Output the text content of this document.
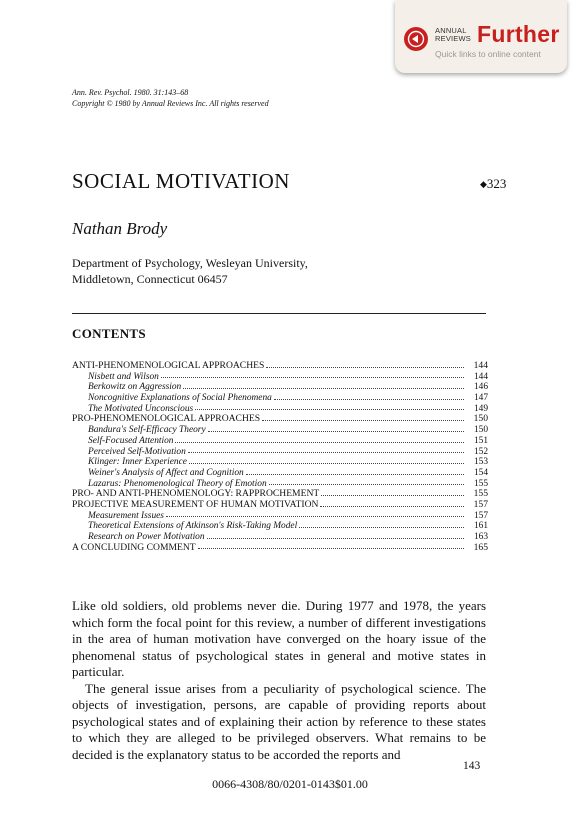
ANNUAL
REVIEWS Further
Quick links to online content
Ann. Rev. Psychol. 1980. 31:143–68
Copyright © 1980 by Annual Reviews Inc. All rights reserved
SOCIAL MOTIVATION	◆323
Nathan Brody
Department of Psychology, Wesleyan University,
Middletown, Connecticut 06457
CONTENTS
ANTI-PHENOMENOLOGICAL APPROACHES	144
Nisbett and Wilson	144
Berkowitz on Aggression	146
Noncognitive Explanations of Social Phenomena	147
The Motivated Unconscious	149
PRO-PHENOMENOLOGICAL APPROACHES	150
Bandura's Self-Efficacy Theory	150
Self-Focused Attention	151
Perceived Self-Motivation	152
Klinger: Inner Experience	153
Weiner's Analysis of Affect and Cognition	154
Lazarus: Phenomenological Theory of Emotion	155
PRO- AND ANTI-PHENOMENOLOGY: RAPPROCHEMENT	155
PROJECTIVE MEASUREMENT OF HUMAN MOTIVATION	157
Measurement Issues	157
Theoretical Extensions of Atkinson's Risk-Taking Model	161
Research on Power Motivation	163
A CONCLUDING COMMENT	165

Like old soldiers, old problems never die. During 1977 and 1978, the years which form the focal point for this review, a number of different investigations in the area of human motivation have converged on the hoary issue of the phenomenal status of psychological states in general and motive states in particular.

The general issue arises from a peculiarity of psychological science. The objects of investigation, persons, are capable of providing reports about psychological states and of explaining their action by reference to these states to which they are alleged to be privileged observers. What remains to be decided is the explanatory status to be accorded the reports and

143
0066-4308/80/0201-0143$01.00
